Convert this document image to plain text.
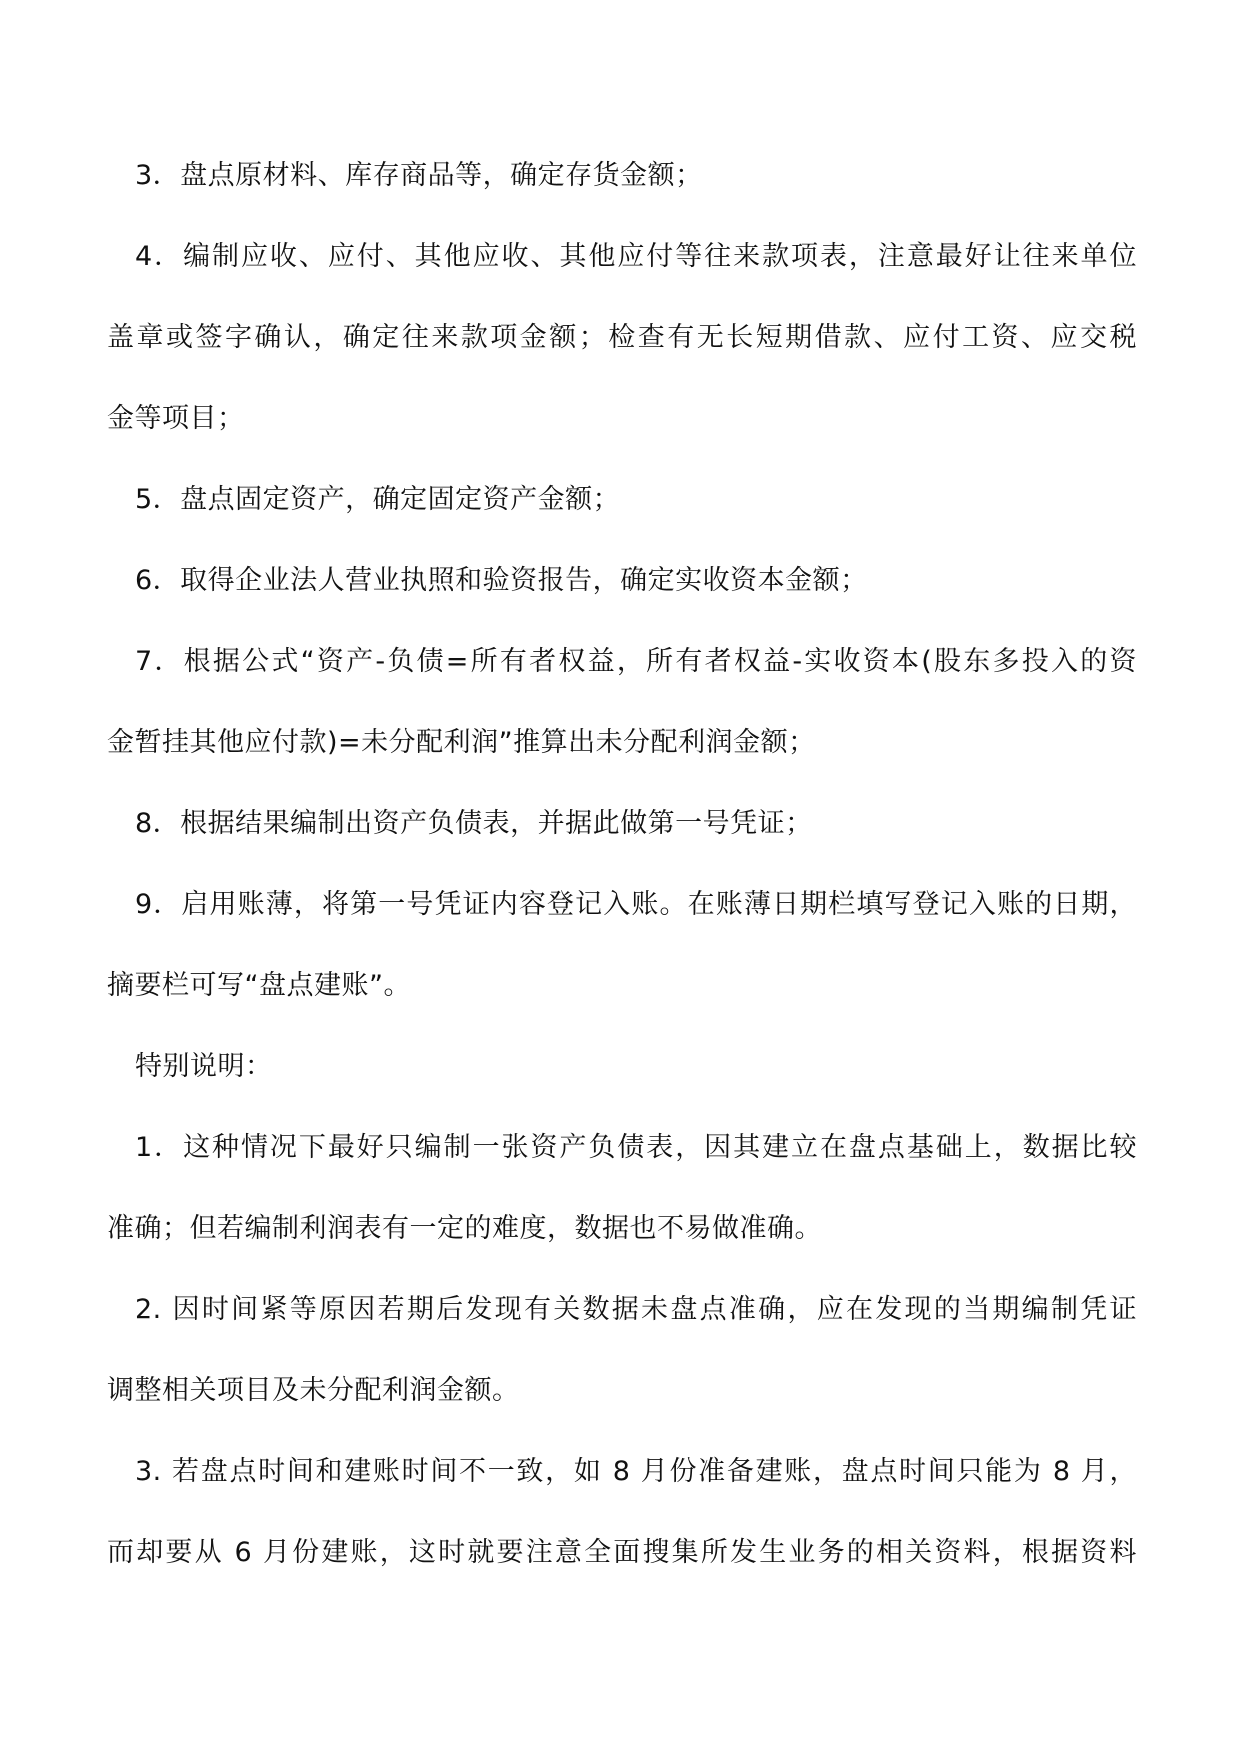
3．盘点原材料、库存商品等，确定存货金额；
4．编制应收、应付、其他应收、其他应付等往来款项表，注意最好让往来单位
盖章或签字确认，确定往来款项金额；检查有无长短期借款、应付工资、应交税
金等项目；
5．盘点固定资产，确定固定资产金额；
6．取得企业法人营业执照和验资报告，确定实收资本金额；
7．根据公式“资产-负债=所有者权益，所有者权益-实收资本(股东多投入的资
金暂挂其他应付款)=未分配利润”推算出未分配利润金额；
8．根据结果编制出资产负债表，并据此做第一号凭证；
9．启用账薄，将第一号凭证内容登记入账。在账薄日期栏填写登记入账的日期，
摘要栏可写“盘点建账”。
特别说明：
1．这种情况下最好只编制一张资产负债表，因其建立在盘点基础上，数据比较
准确；但若编制利润表有一定的难度，数据也不易做准确。
2. 因时间紧等原因若期后发现有关数据未盘点准确，应在发现的当期编制凭证
调整相关项目及未分配利润金额。
3. 若盘点时间和建账时间不一致，如 8 月份准备建账，盘点时间只能为 8 月，
而却要从 6 月份建账，这时就要注意全面搜集所发生业务的相关资料，根据资料
